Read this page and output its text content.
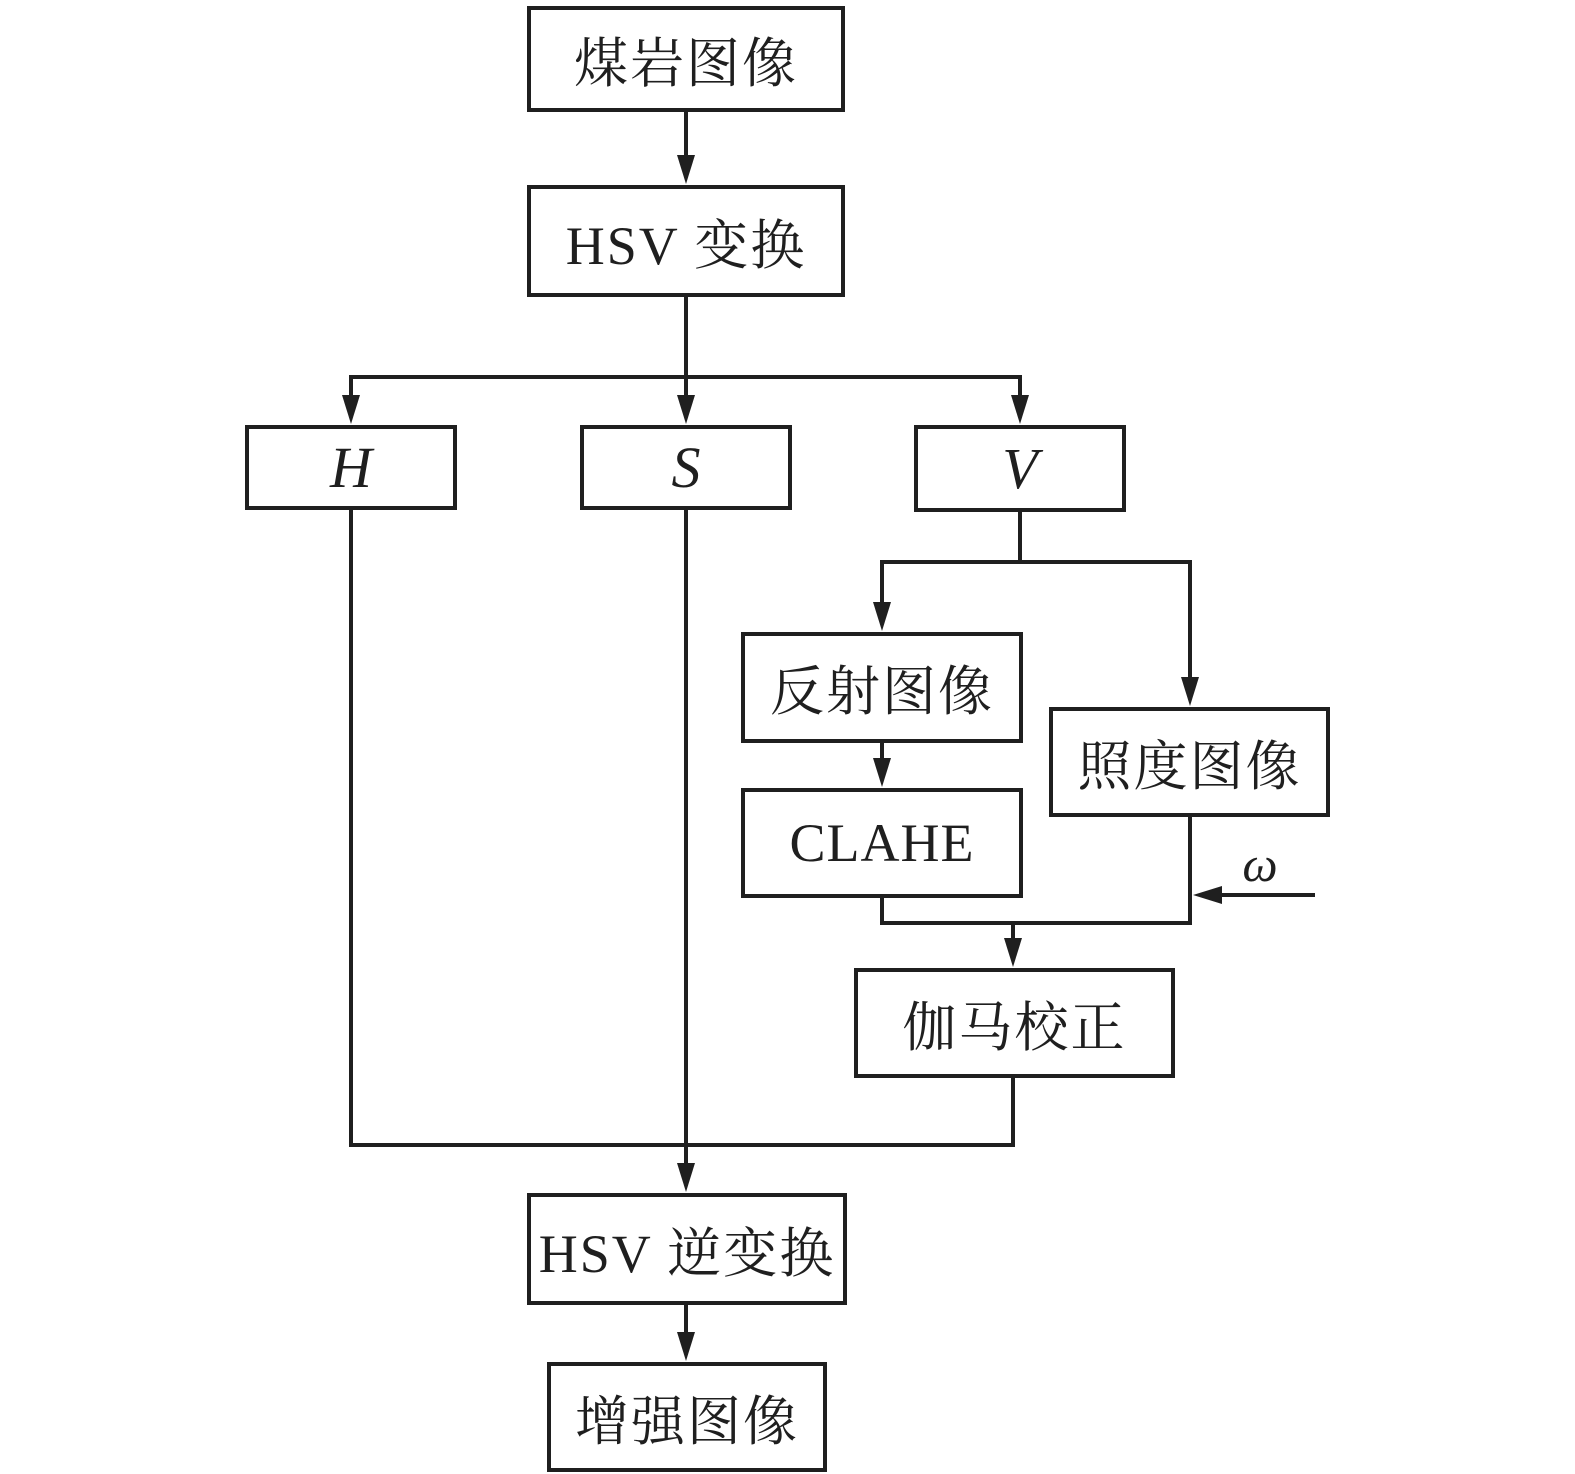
煤岩图像
HSV 变换
H	S	V
反射图像
照度图像
CLAHE
伽马校正
HSV 逆变换
增强图像
ω
